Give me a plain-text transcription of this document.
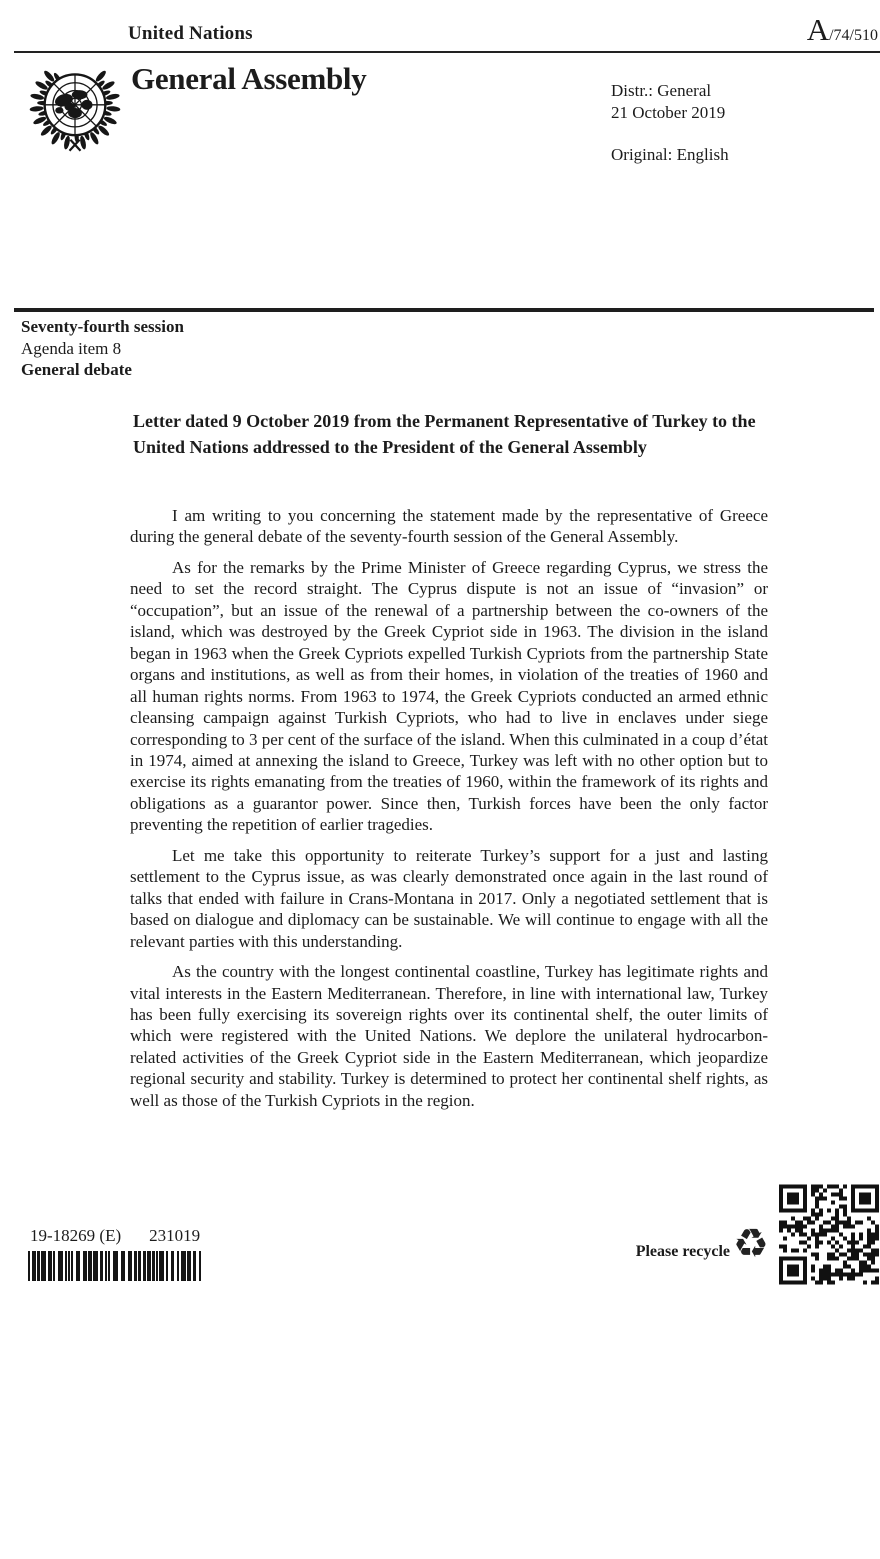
United Nations	A/74/510
General Assembly	Distr.: General
21 October 2019
Original: English
Seventy-fourth session
Agenda item 8
General debate
Letter dated 9 October 2019 from the Permanent Representative of Turkey to the United Nations addressed to the President of the General Assembly

I am writing to you concerning the statement made by the representative of Greece during the general debate of the seventy-fourth session of the General Assembly.

As for the remarks by the Prime Minister of Greece regarding Cyprus, we stress the need to set the record straight. The Cyprus dispute is not an issue of “invasion” or “occupation”, but an issue of the renewal of a partnership between the co-owners of the island, which was destroyed by the Greek Cypriot side in 1963. The division in the island began in 1963 when the Greek Cypriots expelled Turkish Cypriots from the partnership State organs and institutions, as well as from their homes, in violation of the treaties of 1960 and all human rights norms. From 1963 to 1974, the Greek Cypriots conducted an armed ethnic cleansing campaign against Turkish Cypriots, who had to live in enclaves under siege corresponding to 3 per cent of the surface of the island. When this culminated in a coup d’état in 1974, aimed at annexing the island to Greece, Turkey was left with no other option but to exercise its rights emanating from the treaties of 1960, within the framework of its rights and obligations as a guarantor power. Since then, Turkish forces have been the only factor preventing the repetition of earlier tragedies.

Let me take this opportunity to reiterate Turkey’s support for a just and lasting settlement to the Cyprus issue, as was clearly demonstrated once again in the last round of talks that ended with failure in Crans-Montana in 2017. Only a negotiated settlement that is based on dialogue and diplomacy can be sustainable. We will continue to engage with all the relevant parties with this understanding.

As the country with the longest continental coastline, Turkey has legitimate rights and vital interests in the Eastern Mediterranean. Therefore, in line with international law, Turkey has been fully exercising its sovereign rights over its continental shelf, the outer limits of which were registered with the United Nations. We deplore the unilateral hydrocarbon-related activities of the Greek Cypriot side in the Eastern Mediterranean, which jeopardize regional security and stability. Turkey is determined to protect her continental shelf rights, as well as those of the Turkish Cypriots in the region.

19-18269 (E) 231019
Please recycle ♻
